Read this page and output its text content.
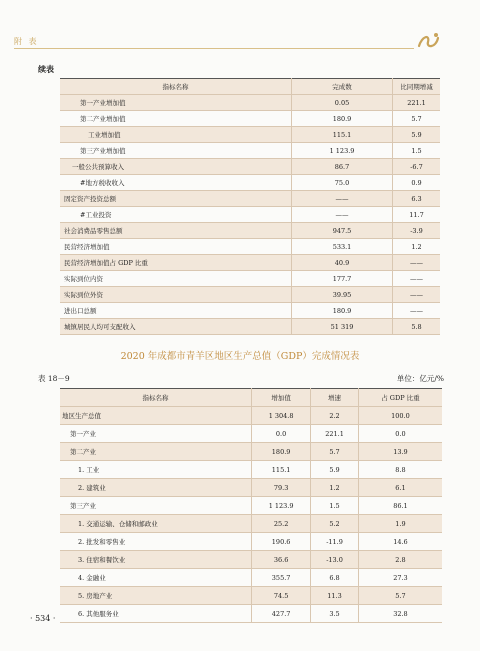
附 表
续表
指标名称	完成数	比同期增减
第一产业增加值	0.05	221.1
第二产业增加值	180.9	5.7
工业增加值	115.1	5.9
第三产业增加值	1 123.9	1.5
一般公共预算收入	86.7	-6.7
#地方税收收入	75.0	0.9
固定资产投资总额	——	6.3
#工业投资	——	11.7
社会消费品零售总额	947.5	-3.9
民营经济增加值	533.1	1.2
民营经济增加值占 GDP 比重	40.9	——
实际到位内资	177.7	——
实际到位外资	39.95	——
进出口总额	180.9	——
城镇居民人均可支配收入	51 319	5.8
2020 年成都市青羊区地区生产总值（GDP）完成情况表
表 18－9	单位：亿元/%
指标名称	增加值	增速	占 GDP 比重
地区生产总值	1 304.8	2.2	100.0
第一产业	0.0	221.1	0.0
第二产业	180.9	5.7	13.9
1. 工业	115.1	5.9	8.8
2. 建筑业	79.3	1.2	6.1
第三产业	1 123.9	1.5	86.1
1. 交通运输、仓储和邮政业	25.2	5.2	1.9
2. 批发和零售业	190.6	-11.9	14.6
3. 住宿和餐饮业	36.6	-13.0	2.8
4. 金融业	355.7	6.8	27.3
5. 房地产业	74.5	11.3	5.7
6. 其他服务业	427.7	3.5	32.8
· 534 ·
